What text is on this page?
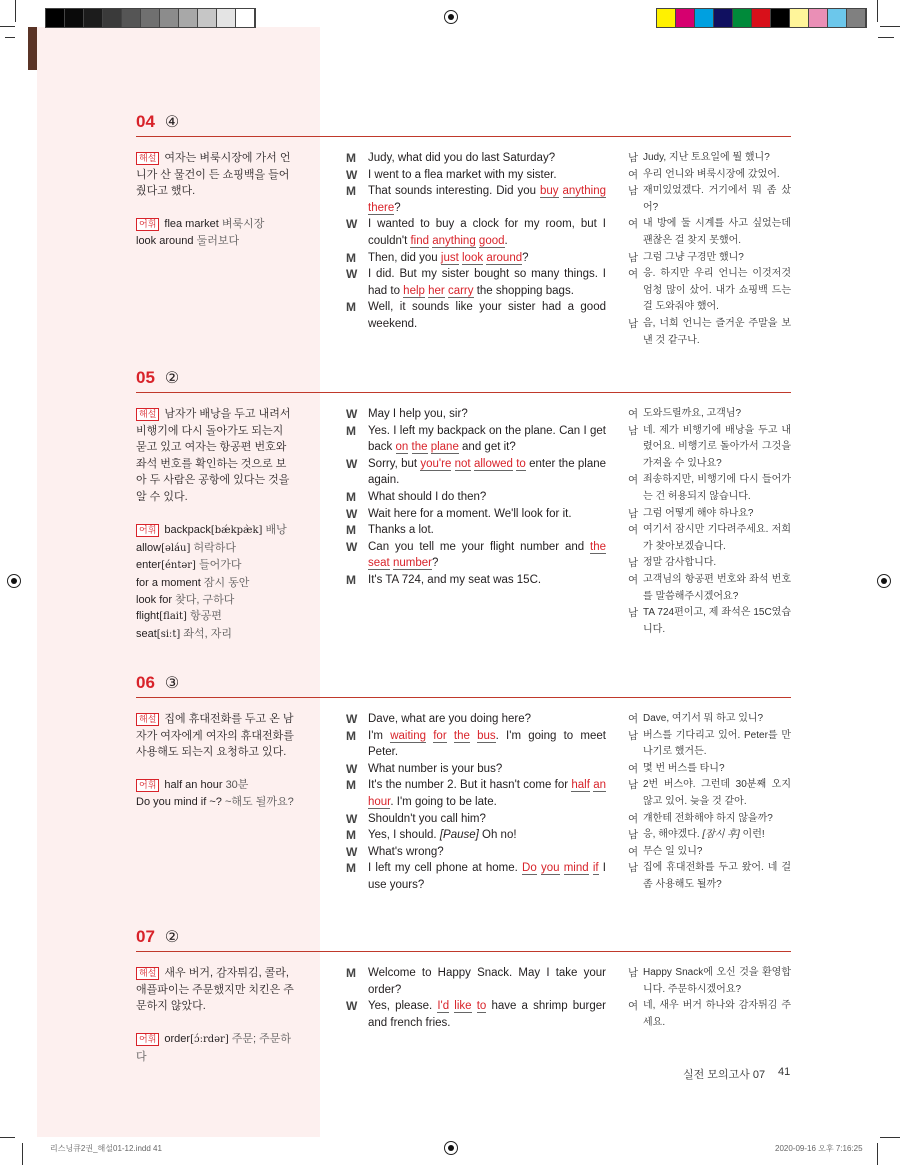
04 ④
해설 여자는 벼룩시장에 가서 언니가 산 물건이 든 쇼핑백을 들어줬다고 했다.
어휘 flea market 벼룩시장
look around 둘러보다
M	Judy, what did you do last Saturday?
W I went to a flea market with my sister.
M	That sounds interesting. Did you buy anything there?
W I wanted to buy a clock for my room, but I couldn't find anything good.
M	Then, did you just look around?
W I did. But my sister bought so many things. I had to help her carry the shopping bags.
M	Well, it sounds like your sister had a good weekend.
남 Judy, 지난 토요일에 뭘 했니?
여 우리 언니와 벼룩시장에 갔었어.
남 재미있었겠다. 거기에서 뭐 좀 샀어?
여 내 방에 둘 시계를 사고 싶었는데 괜찮은 걸 찾지 못했어.
남 그럼 그냥 구경만 했니?
여 응. 하지만 우리 언니는 이것저것 엄청 많이 샀어. 내가 쇼핑백 드는 걸 도와줘야 했어.
남 음, 너희 언니는 즐거운 주말을 보낸 것 같구나.
05 ②
해설 남자가 배낭을 두고 내려서 비행기에 다시 돌아가도 되는지 묻고 있고 여자는 항공편 번호와 좌석 번호를 확인하는 것으로 보아 두 사람은 공항에 있다는 것을 알 수 있다.
어휘 backpack[bǽkpæ̀k] 배낭
allow[əláu] 허락하다
enter[éntər] 들어가다
for a moment 잠시 동안
look for 찾다, 구하다
flight[flait] 항공편
seat[siːt] 좌석, 자리
W May I help you, sir?
M	Yes. I left my backpack on the plane. Can I get back on the plane and get it?
W Sorry, but you're not allowed to enter the plane again.
M	What should I do then?
W Wait here for a moment. We'll look for it.
M	Thanks a lot.
W Can you tell me your flight number and the seat number?
M	It's TA 724, and my seat was 15C.
여 도와드릴까요, 고객님?
남 네. 제가 비행기에 배낭을 두고 내렸어요. 비행기로 돌아가서 그것을 가져올 수 있나요?
여 죄송하지만, 비행기에 다시 들어가는 건 허용되지 않습니다.
남 그럼 어떻게 해야 하나요?
여 여기서 잠시만 기다려주세요. 저희가 찾아보겠습니다.
남 정말 감사합니다.
여 고객님의 항공편 번호와 좌석 번호를 말씀해주시겠어요?
남 TA 724편이고, 제 좌석은 15C였습니다.
06 ③
해설 집에 휴대전화를 두고 온 남자가 여자에게 여자의 휴대전화를 사용해도 되는지 요청하고 있다.
어휘 half an hour 30분
Do you mind if ~? ~해도 될까요?
W Dave, what are you doing here?
M	I'm waiting for the bus. I'm going to meet Peter.
W What number is your bus?
M	It's the number 2. But it hasn't come for half an hour. I'm going to be late.
W Shouldn't you call him?
M	Yes, I should. [Pause] Oh no!
W What's wrong?
M	I left my cell phone at home. Do you mind if I use yours?
여 Dave, 여기서 뭐 하고 있니?
남 버스를 기다리고 있어. Peter를 만나기로 했거든.
여 몇 번 버스를 타니?
남 2번 버스야. 그런데 30분째 오지 않고 있어. 늦을 것 같아.
여 걔한테 전화해야 하지 않을까?
남 응, 해야겠다. [잠시 후] 이런!
여 무슨 일 있니?
남 집에 휴대전화를 두고 왔어. 네 걸 좀 사용해도 될까?
07 ②
해설 새우 버거, 감자튀김, 콜라, 애플파이는 주문했지만 치킨은 주문하지 않았다.
어휘 order[ɔ́ːrdər] 주문; 주문하다
M	Welcome to Happy Snack. May I take your order?
W Yes, please. I'd like to have a shrimp burger and french fries.
남 Happy Snack에 오신 것을 환영합니다. 주문하시겠어요?
여 네, 새우 버거 하나와 감자튀김 주세요.
실전 모의고사 07 41
리스닝큐2권_해설01-12.indd 41	2020-09-16 오후 7:16:25
